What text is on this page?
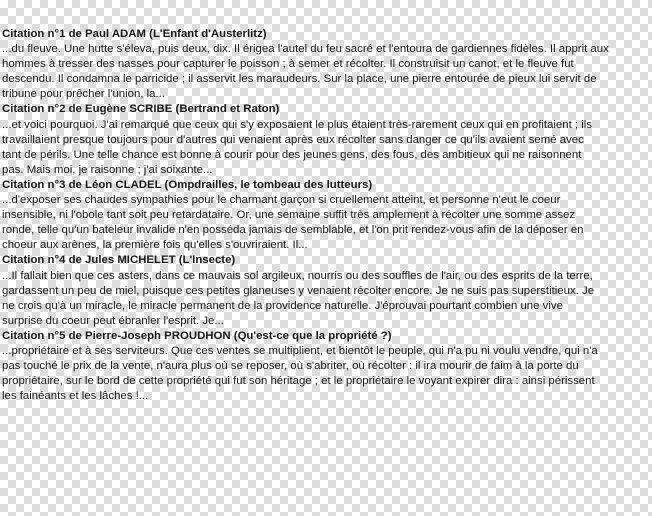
Citation n°1 de Paul ADAM (L'Enfant d'Austerlitz)
...du fleuve. Une hutte s'éleva, puis deux, dix. Il érigea l'autel du feu sacré et l'entoura de gardiennes fidèles. Il apprit aux
hommes à tresser des nasses pour capturer le poisson ; à semer et récolter. Il construisit un canot, et le fleuve fut
descendu. Il condamna le parricide ; il asservit les maraudeurs. Sur la place, une pierre entourée de pieux lui servit de
tribune pour prêcher l'union, la...
Citation n°2 de Eugène SCRIBE (Bertrand et Raton)
...et voici pourquoi. J'ai remarqué que ceux qui s'y exposaient le plus étaient très-rarement ceux qui en profitaient ; ils
travaillaient presque toujours pour d'autres qui venaient après eux récolter sans danger ce qu'ils avaient semé avec
tant de périls. Une telle chance est bonne à courir pour des jeunes gens, des fous, des ambitieux qui ne raisonnent
pas. Mais moi, je raisonne ; j'ai soixante...
Citation n°3 de Léon CLADEL (Ompdrailles, le tombeau des lutteurs)
...d'exposer ses chaudes sympathies pour le charmant garçon si cruellement atteint, et personne n'eut le coeur
insensible, ni l'obole tant soit peu retardataire. Or, une semaine suffit très amplement à récolter une somme assez
ronde, telle qu'un bateleur invalide n'en posséda jamais de semblable, et l'on prit rendez-vous afin de la déposer en
choeur aux arènes, la première fois qu'elles s'ouvriraient. Il...
Citation n°4 de Jules MICHELET (L'Insecte)
...Il fallait bien que ces asters, dans ce mauvais sol argileux, nourris ou des souffles de l'air, ou des esprits de la terre,
gardassent un peu de miel, puisque ces petites glaneuses y venaient récolter encore. Je ne suis pas superstitieux. Je
ne crois qu'à un miracle, le miracle permanent de la providence naturelle. J'éprouvai pourtant combien une vive
surprise du coeur peut ébranler l'esprit. Je...
Citation n°5 de Pierre-Joseph PROUDHON (Qu'est-ce que la propriété ?)
...propriétaire et à ses serviteurs. Que ces ventes se multiplient, et bientôt le peuple, qui n'a pu ni voulu vendre, qui n'a
pas touché le prix de la vente, n'aura plus où se reposer, où s'abriter, où récolter : il ira mourir de faim à la porte du
propriétaire, sur le bord de cette propriété qui fut son héritage ; et le propriétaire le voyant expirer dira : ainsi périssent
les fainéants et les lâches !...
